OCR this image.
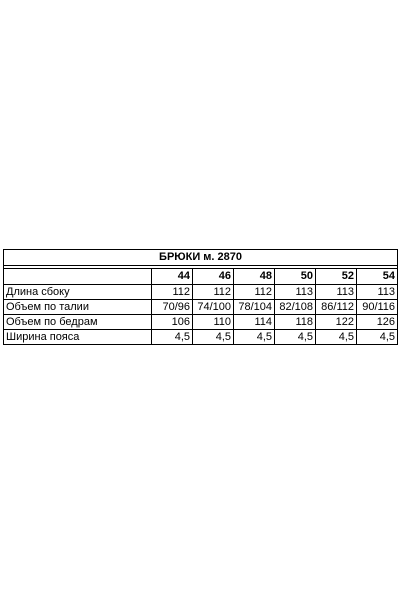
БРЮКИ м. 2870						

	44	46	48	50	52	54
Длина сбоку	112	112	112	113	113	113
Объем по талии	70/96	74/100	78/104	82/108	86/112	90/116
Объем по бедрам	106	110	114	118	122	126
Ширина пояса	4,5	4,5	4,5	4,5	4,5	4,5
